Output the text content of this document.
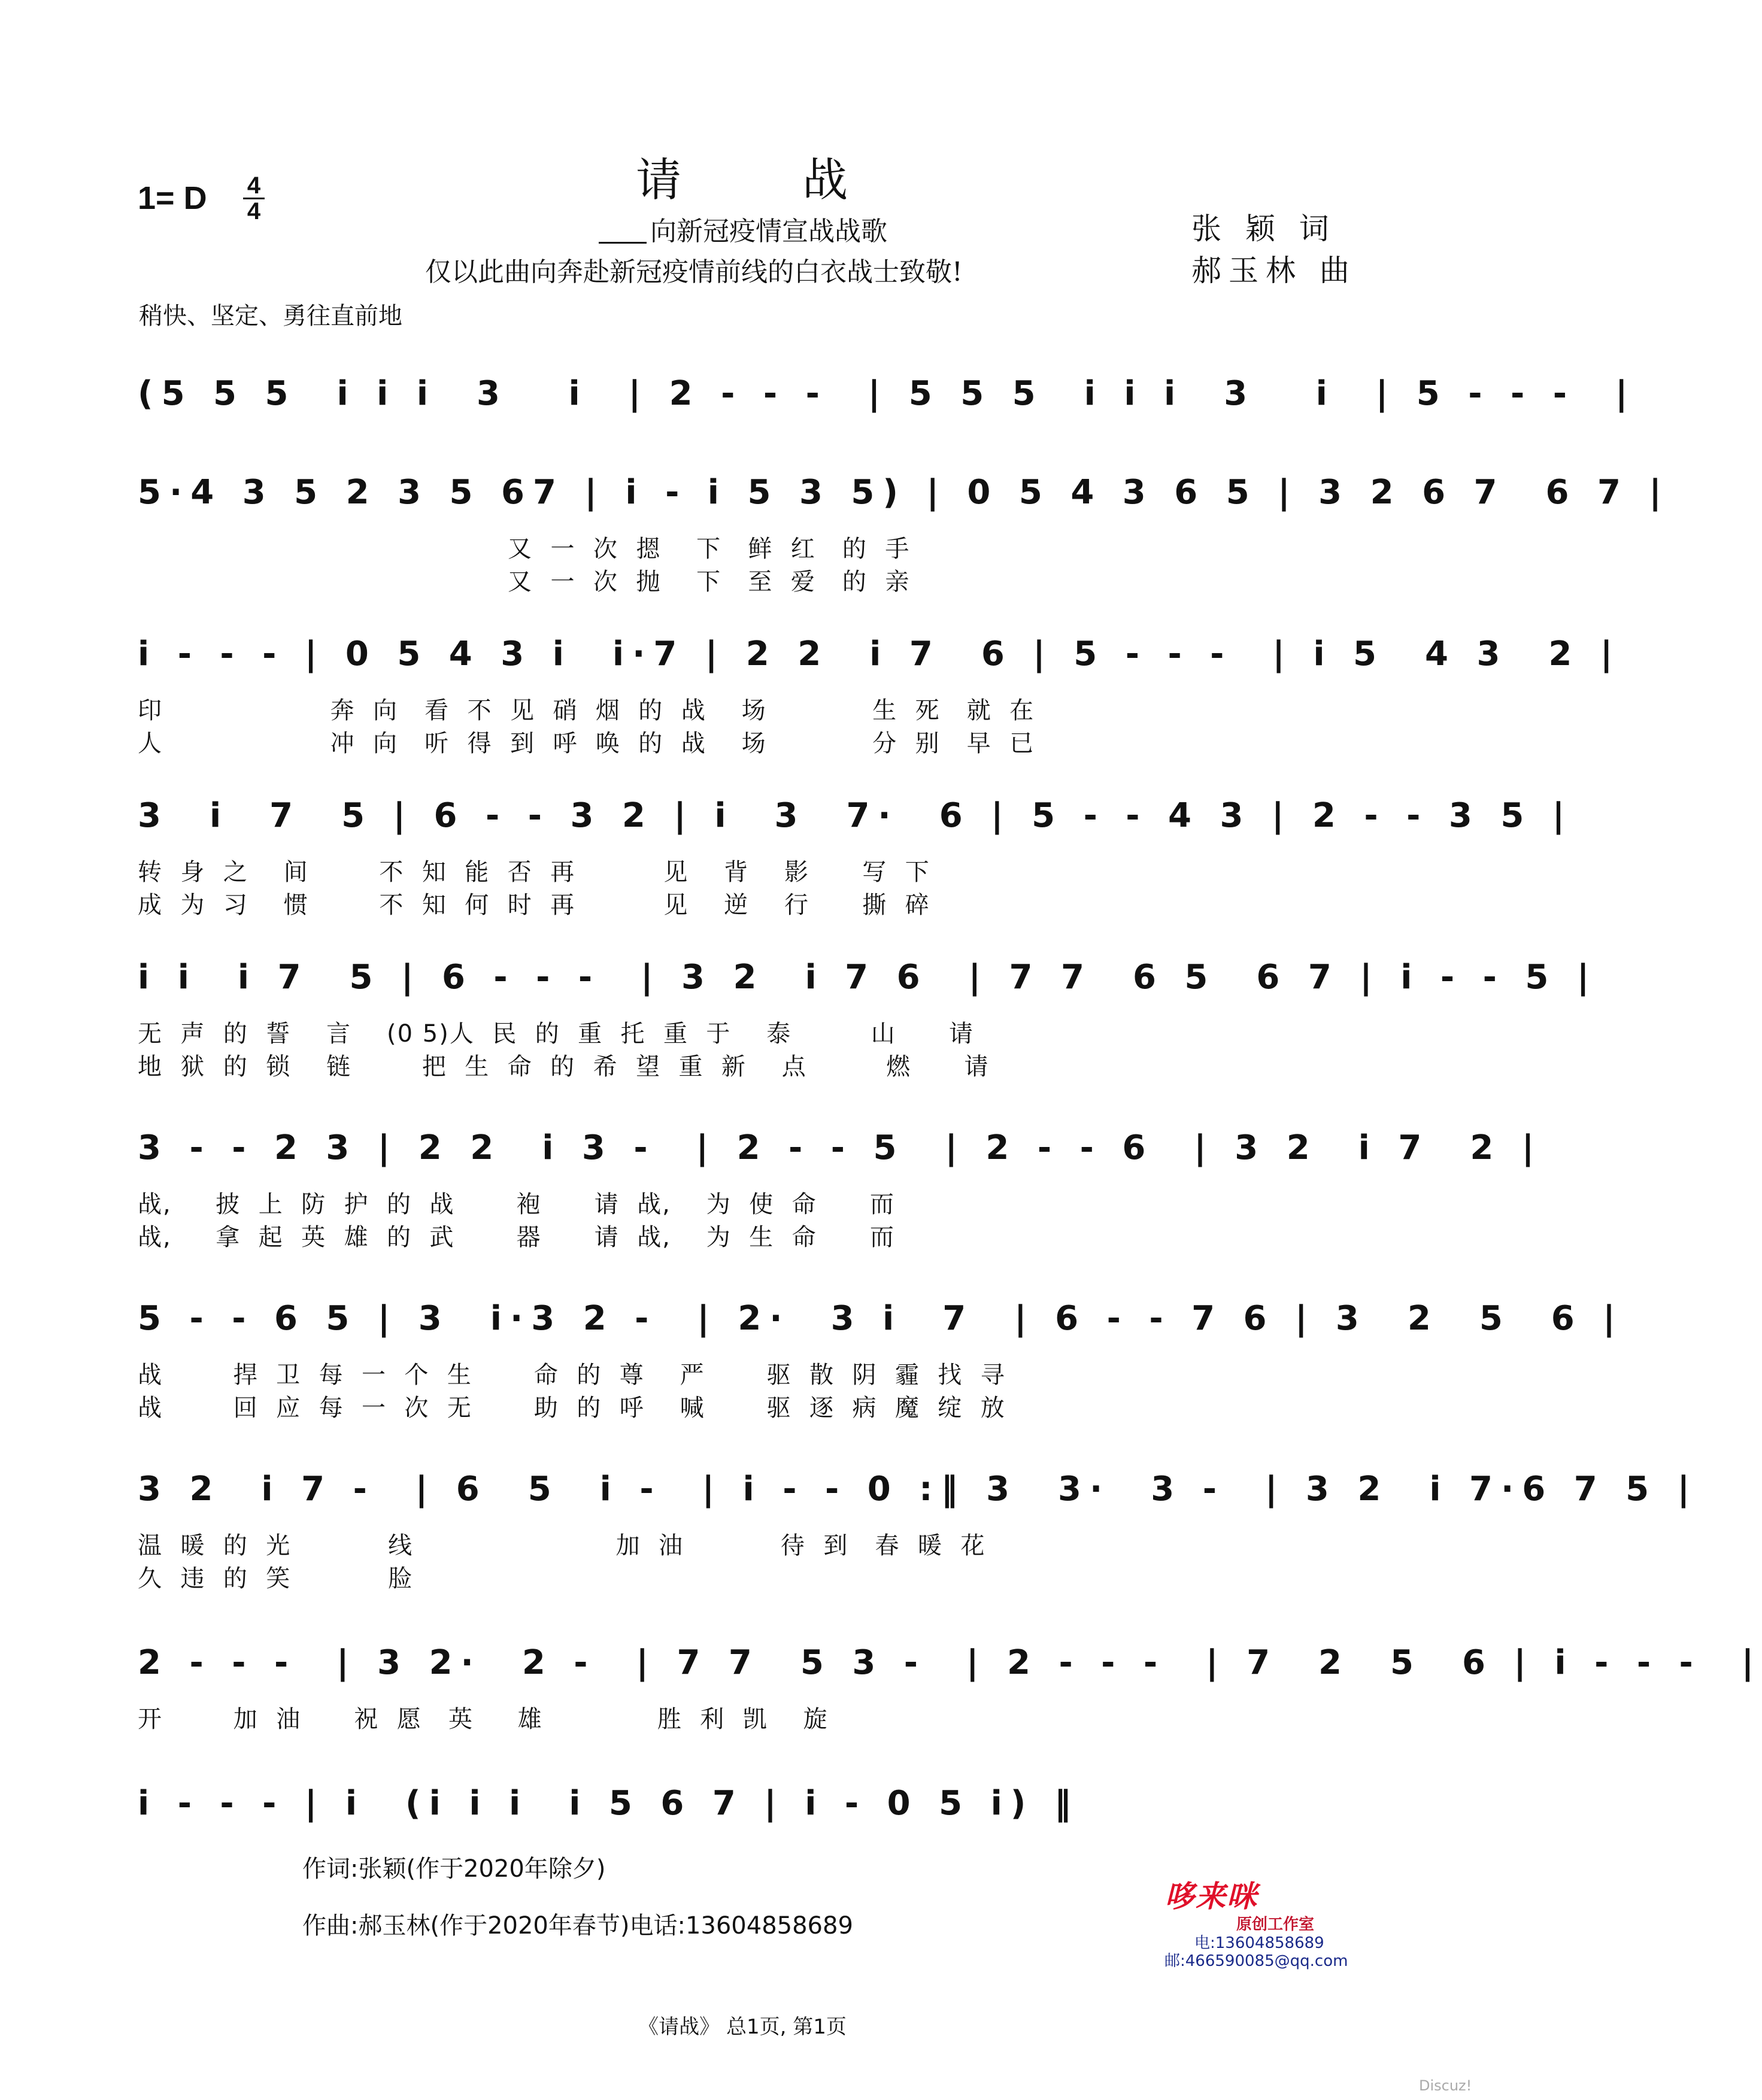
1= D 4
4
请	战
向新冠疫情宣战战歌
仅以此曲向奔赴新冠疫情前线的白衣战士致敬!
张 颖 词
郝玉林 曲
稍快、坚定、勇往直前地
(5 5 5  i i i  3   i  | 2 - - -  | 5 5 5  i i i  3   i  | 5 - - -  |
5·4 3 5 2 3 5 67 | i - i 5 3 5) | 0 5 4 3 6 5 | 3 2 6 7  6 7 |
又  一  次  摁    下   鲜  红   的  手
又  一  次  抛    下   至  爱   的  亲
i - - - | 0 5 4 3 i  i·7 | 2 2  i 7  6 | 5 - - -  | i 5  4 3  2 |
印                   奔  向   看  不  见  硝  烟  的  战    场            生  死   就  在
人                   冲  向   听  得  到  呼  唤  的  战    场            分  别   早  已
3  i  7  5 | 6 - - 3 2 | i  3  7·  6 | 5 - - 4 3 | 2 - - 3 5 |
转  身  之    间        不  知  能  否  再          见    背    影      写  下
成  为  习    惯        不  知  何  时  再          见    逆    行      撕  碎
i i  i 7  5 | 6 - - -  | 3 2  i 7 6  | 7 7  6 5  6 7 | i - - 5 |
无  声  的  誓    言    (0 5)人  民  的  重  托  重  于    泰         山      请
地  狱  的  锁    链        把  生  命  的  希  望  重  新    点         燃      请
3 - - 2 3 | 2 2  i 3 -  | 2 - - 5  | 2 - - 6  | 3 2  i 7  2 |
战,     披  上  防  护  的  战       袍      请  战,    为  使  命      而
战,     拿  起  英  雄  的  武       器      请  战,    为  生  命      而
5 - - 6 5 | 3  i·3 2 -  | 2·  3 i  7  | 6 - - 7 6 | 3  2  5  6 |
战        捍  卫  每  一  个  生       命  的  尊    严       驱  散  阴  霾  找  寻
战        回  应  每  一  次  无       助  的  呼    喊       驱  逐  病  魔  绽  放
3 2  i 7 -  | 6  5  i -  | i - - 0 :‖ 3  3·  3 -  | 3 2  i 7·6 7 5 |
温  暖  的  光           线                       加  油           待  到   春  暖  花
久  违  的  笑           脸
2 - - -  | 3 2·  2 -  | 7 7  5 3 -  | 2 - - -  | 7  2  5  6 | i - - -  |
开        加  油      祝  愿   英     雄             胜  利  凯    旋
i - - - | i  (i i i  i 5 6 7 | i - 0 5 i) ‖
作词:张颖(作于2020年除夕)
作曲:郝玉林(作于2020年春节)电话:13604858689
哆来咪
原创工作室
电:13604858689
邮:466590085@qq.com
《请战》 总1页, 第1页
Discuz!
